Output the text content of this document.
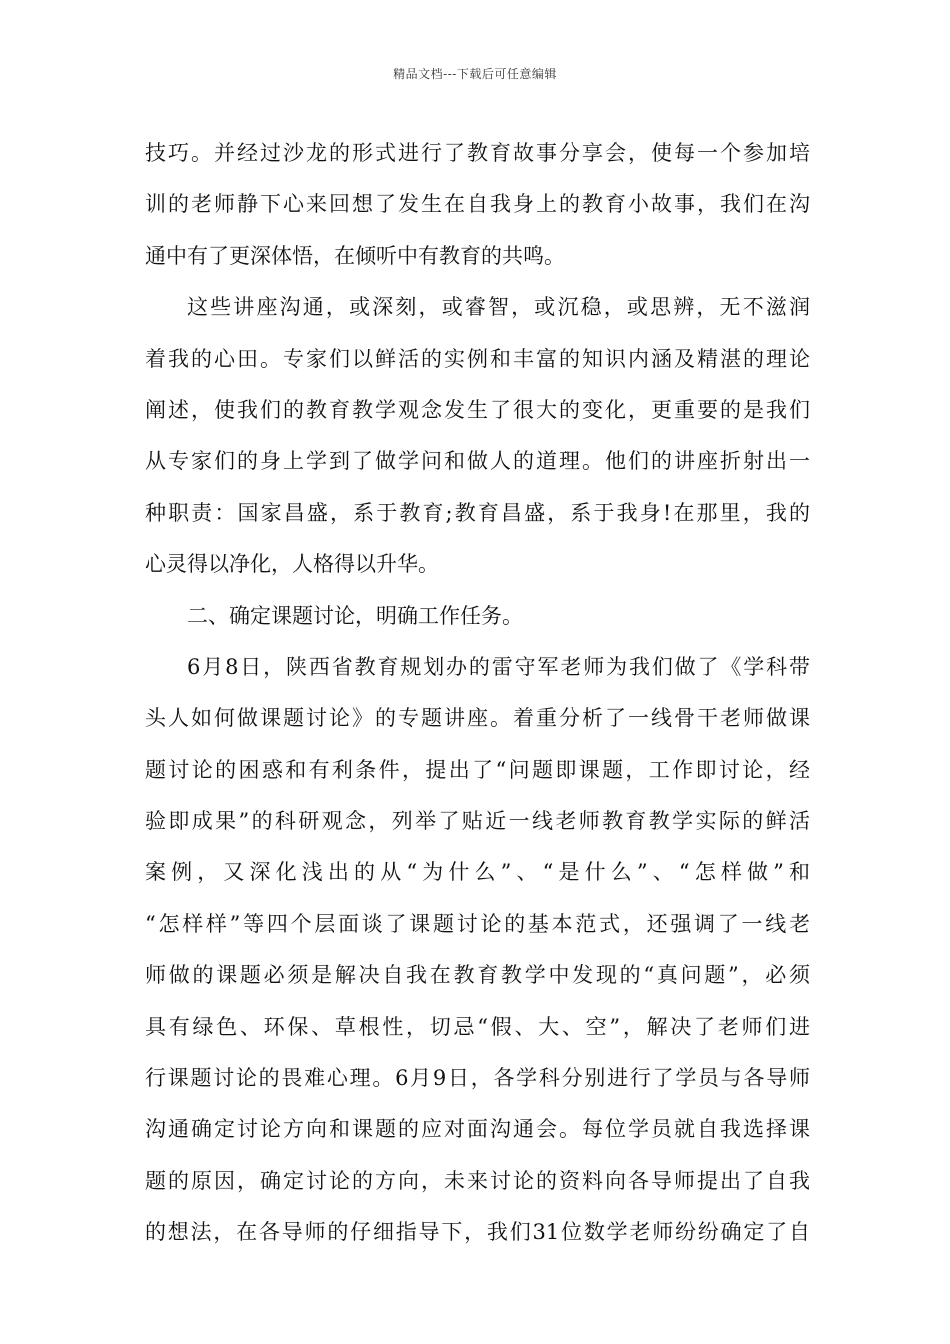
精品文档---下载后可任意编辑
技巧。并经过沙龙的形式进行了教育故事分享会，使每一个参加培
训的老师静下心来回想了发生在自我身上的教育小故事，我们在沟
通中有了更深体悟，在倾听中有教育的共鸣。
这些讲座沟通，或深刻，或睿智，或沉稳，或思辨，无不滋润
着我的心田。专家们以鲜活的实例和丰富的知识内涵及精湛的理论
阐述，使我们的教育教学观念发生了很大的变化，更重要的是我们
从专家们的身上学到了做学问和做人的道理。他们的讲座折射出一
种职责：国家昌盛，系于教育;教育昌盛，系于我身!在那里，我的
心灵得以净化，人格得以升华。
二、确定课题讨论，明确工作任务。
6月8日，陕西省教育规划办的雷守军老师为我们做了《学科带
头人如何做课题讨论》的专题讲座。着重分析了一线骨干老师做课
题讨论的困惑和有利条件，提出了“问题即课题，工作即讨论，经
验即成果”的科研观念，列举了贴近一线老师教育教学实际的鲜活
案例，又深化浅出的从“为什么”、“是什么”、“怎样做”和
“怎样样”等四个层面谈了课题讨论的基本范式，还强调了一线老
师做的课题必须是解决自我在教育教学中发现的“真问题”，必须
具有绿色、环保、草根性，切忌“假、大、空”，解决了老师们进
行课题讨论的畏难心理。6月9日，各学科分别进行了学员与各导师
沟通确定讨论方向和课题的应对面沟通会。每位学员就自我选择课
题的原因，确定讨论的方向，未来讨论的资料向各导师提出了自我
的想法，在各导师的仔细指导下，我们31位数学老师纷纷确定了自
